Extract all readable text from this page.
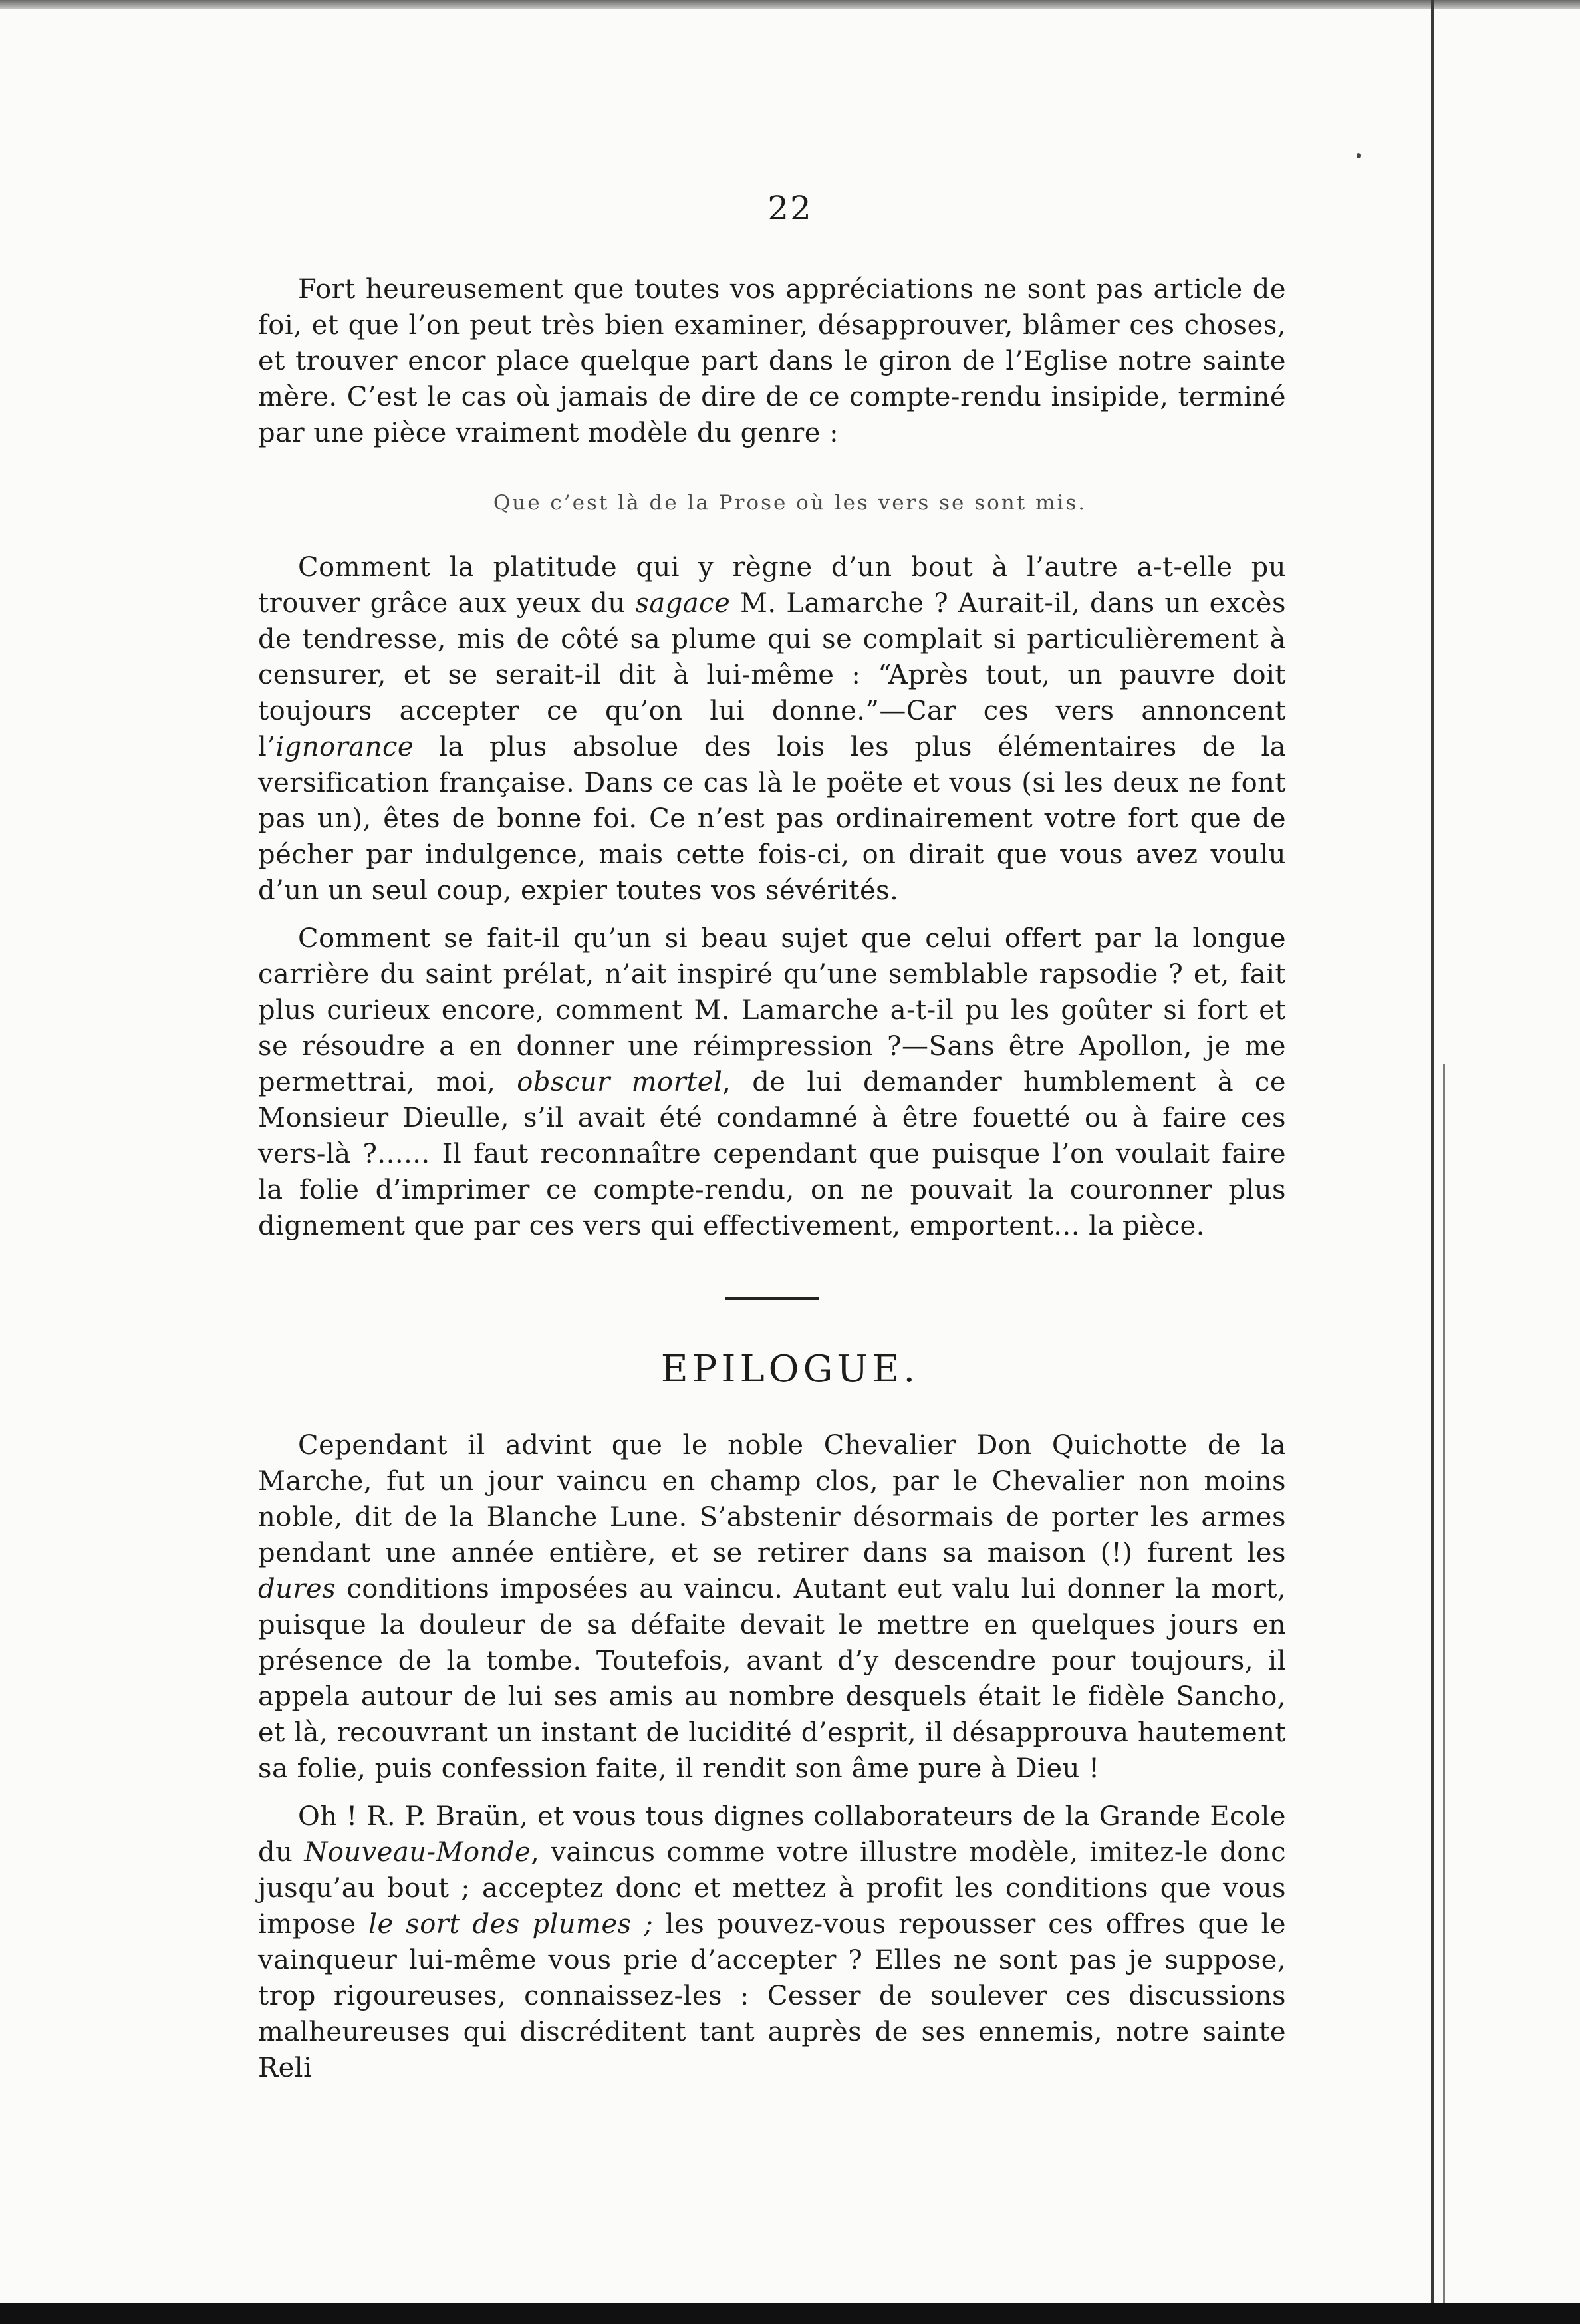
22

Fort heureusement que toutes vos appréciations ne sont pas article de foi, et que l’on peut très bien examiner, désapprouver, blâmer ces choses, et trouver encor place quelque part dans le giron de l’Eglise notre sainte mère. C’est le cas où jamais de dire de ce compte-rendu insipide, terminé par une pièce vraiment modèle du genre :

Que c’est là de la Prose où les vers se sont mis.

Comment la platitude qui y règne d’un bout à l’autre a-t-elle pu trouver grâce aux yeux du sagace M. Lamarche ? Aurait-il, dans un excès de tendresse, mis de côté sa plume qui se complait si particulièrement à censurer, et se serait-il dit à lui-même : “Après tout, un pauvre doit toujours accepter ce qu’on lui donne.”—Car ces vers annoncent l’ignorance la plus absolue des lois les plus élémentaires de la versification française. Dans ce cas là le poëte et vous (si les deux ne font pas un), êtes de bonne foi. Ce n’est pas ordinairement votre fort que de pécher par indulgence, mais cette fois-ci, on dirait que vous avez voulu d’un un seul coup, expier toutes vos sévérités.

Comment se fait-il qu’un si beau sujet que celui offert par la longue carrière du saint prélat, n’ait inspiré qu’une semblable rapsodie ? et, fait plus curieux encore, comment M. Lamarche a-t-il pu les goûter si fort et se résoudre a en donner une réimpression ?—Sans être Apollon, je me permettrai, moi, obscur mortel, de lui demander humblement à ce Monsieur Dieulle, s’il avait été condamné à être fouetté ou à faire ces vers-là ?...... Il faut reconnaître cependant que puisque l’on voulait faire la folie d’imprimer ce compte-rendu, on ne pouvait la couronner plus dignement que par ces vers qui effectivement, emportent... la pièce.

EPILOGUE.

Cependant il advint que le noble Chevalier Don Quichotte de la Marche, fut un jour vaincu en champ clos, par le Chevalier non moins noble, dit de la Blanche Lune. S’abstenir désormais de porter les armes pendant une année entière, et se retirer dans sa maison (!) furent les dures conditions imposées au vaincu. Autant eut valu lui donner la mort, puisque la douleur de sa défaite devait le mettre en quelques jours en présence de la tombe. Toutefois, avant d’y descendre pour toujours, il appela autour de lui ses amis au nombre desquels était le fidèle Sancho, et là, recouvrant un instant de lucidité d’esprit, il désapprouva hautement sa folie, puis confession faite, il rendit son âme pure à Dieu !

Oh ! R. P. Braün, et vous tous dignes collaborateurs de la Grande Ecole du Nouveau-Monde, vaincus comme votre illustre modèle, imitez-le donc jusqu’au bout ; acceptez donc et mettez à profit les conditions que vous impose le sort des plumes ; les pouvez-vous repousser ces offres que le vainqueur lui-même vous prie d’accepter ? Elles ne sont pas je suppose, trop rigoureuses, connaissez-les : Cesser de soulever ces discussions malheureuses qui discréditent tant auprès de ses ennemis, notre sainte Reli
